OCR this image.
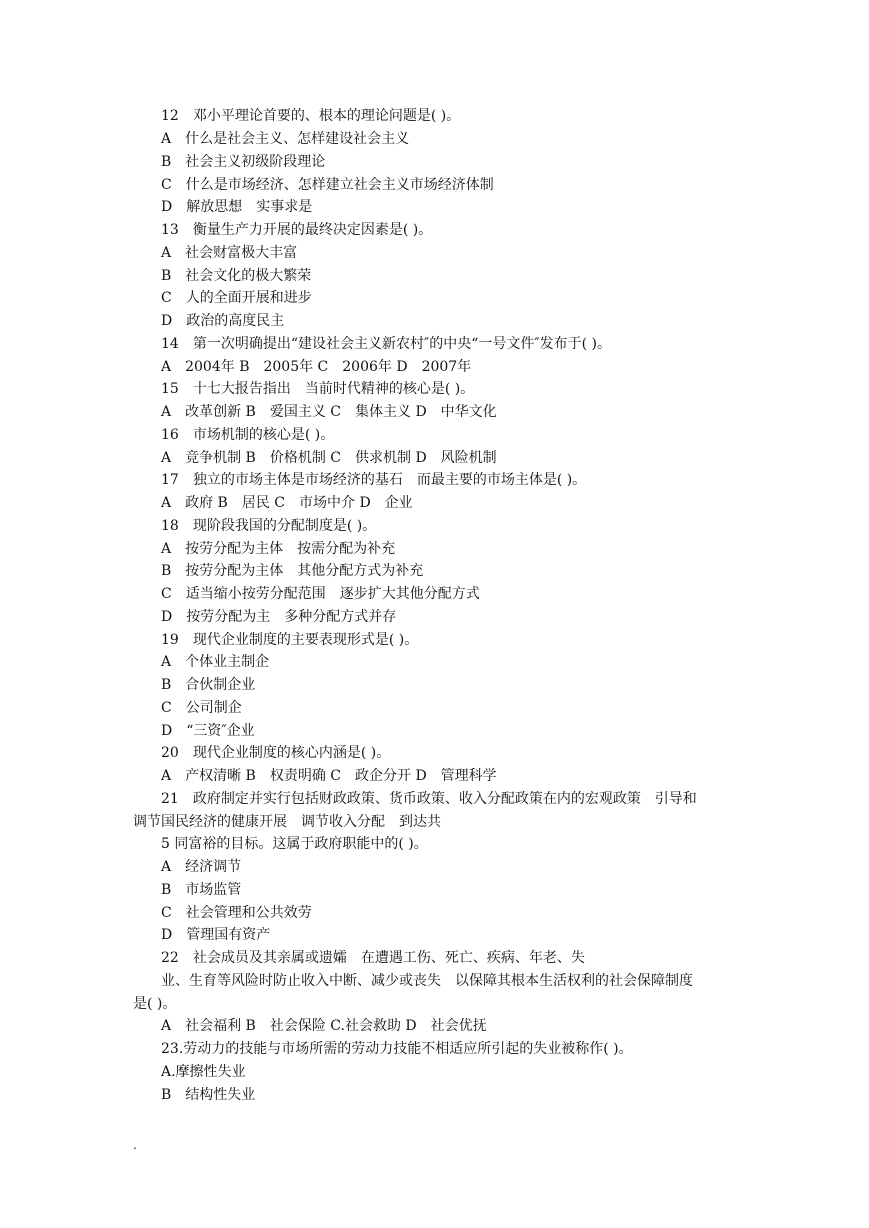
12　邓小平理论首要的、根本的理论问题是( )。

A　什么是社会主义、怎样建设社会主义

B　社会主义初级阶段理论

C　什么是市场经济、怎样建立社会主义市场经济体制

D　解放思想　实事求是

13　衡量生产力开展的最终决定因素是( )。

A　社会财富极大丰富

B　社会文化的极大繁荣

C　人的全面开展和进步

D　政治的高度民主

14　第一次明确提出“建设社会主义新农村″的中央“一号文件″发布于( )。

A　2004年 B　2005年 C　2006年 D　2007年

15　十七大报告指出　当前时代精神的核心是( )。

A　改革创新 B　爱国主义 C　集体主义 D　中华文化

16　市场机制的核心是( )。

A　竞争机制 B　价格机制 C　供求机制 D　风险机制

17　独立的市场主体是市场经济的基石　而最主要的市场主体是( )。

A　政府 B　居民 C　市场中介 D　企业

18　现阶段我国的分配制度是( )。

A　按劳分配为主体　按需分配为补充

B　按劳分配为主体　其他分配方式为补充

C　适当缩小按劳分配范围　逐步扩大其他分配方式

D　按劳分配为主　多种分配方式并存

19　现代企业制度的主要表现形式是( )。

A　个体业主制企

B　合伙制企业

C　公司制企

D　“三资″企业

20　现代企业制度的核心内涵是( )。

A　产权清晰 B　权责明确 C　政企分开 D　管理科学

21　政府制定并实行包括财政政策、货币政策、收入分配政策在内的宏观政策　引导和

调节国民经济的健康开展　调节收入分配　到达共

5 同富裕的目标。这属于政府职能中的( )。

A　经济调节

B　市场监管

C　社会管理和公共效劳

D　管理国有资产

22　社会成员及其亲属或遗孀　在遭遇工伤、死亡、疾病、年老、失

业、生育等风险时防止收入中断、减少或丧失　以保障其根本生活权利的社会保障制度

是( )。

A　社会福利 B　社会保险 C.社会救助 D　社会优抚

23.劳动力的技能与市场所需的劳动力技能不相适应所引起的失业被称作( )。

A.摩擦性失业

B　结构性失业

.
